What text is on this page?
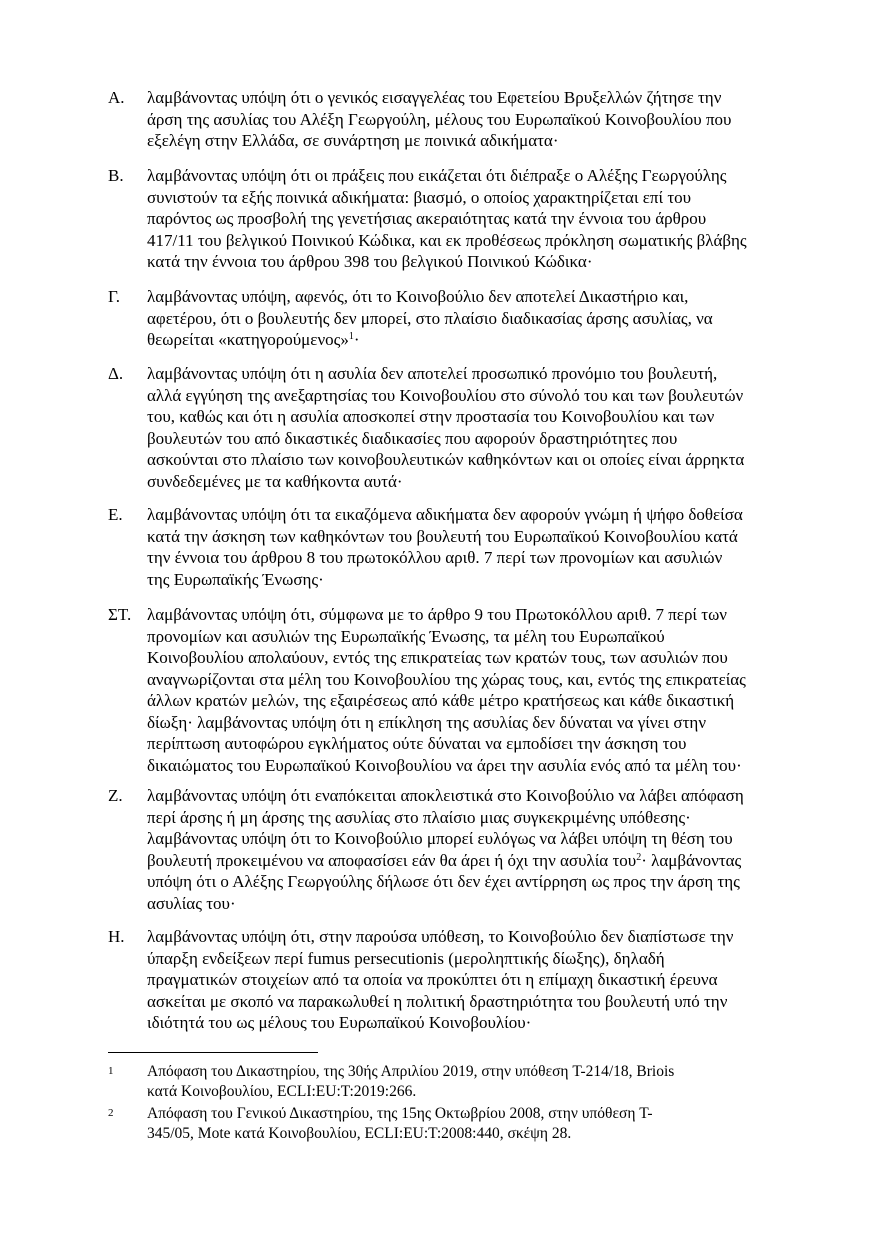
A. λαμβάνοντας υπόψη ότι ο γενικός εισαγγελέας του Εφετείου Βρυξελλών ζήτησε την
άρση της ασυλίας του Αλέξη Γεωργούλη, μέλους του Ευρωπαϊκού Κοινοβουλίου που
εξελέγη στην Ελλάδα, σε συνάρτηση με ποινικά αδικήματα·
B. λαμβάνοντας υπόψη ότι οι πράξεις που εικάζεται ότι διέπραξε ο Αλέξης Γεωργούλης
συνιστούν τα εξής ποινικά αδικήματα: βιασμό, ο οποίος χαρακτηρίζεται επί του
παρόντος ως προσβολή της γενετήσιας ακεραιότητας κατά την έννοια του άρθρου
417/11 του βελγικού Ποινικού Κώδικα, και εκ προθέσεως πρόκληση σωματικής βλάβης
κατά την έννοια του άρθρου 398 του βελγικού Ποινικού Κώδικα·
Γ. λαμβάνοντας υπόψη, αφενός, ότι το Κοινοβούλιο δεν αποτελεί Δικαστήριο και,
αφετέρου, ότι ο βουλευτής δεν μπορεί, στο πλαίσιο διαδικασίας άρσης ασυλίας, να
θεωρείται «κατηγορούμενος»$^1$·
Δ. λαμβάνοντας υπόψη ότι η ασυλία δεν αποτελεί προσωπικό προνόμιο του βουλευτή,
αλλά εγγύηση της ανεξαρτησίας του Κοινοβουλίου στο σύνολό του και των βουλευτών
του, καθώς και ότι η ασυλία αποσκοπεί στην προστασία του Κοινοβουλίου και των
βουλευτών του από δικαστικές διαδικασίες που αφορούν δραστηριότητες που
ασκούνται στο πλαίσιο των κοινοβουλευτικών καθηκόντων και οι οποίες είναι άρρηκτα
συνδεδεμένες με τα καθήκοντα αυτά·
E. λαμβάνοντας υπόψη ότι τα εικαζόμενα αδικήματα δεν αφορούν γνώμη ή ψήφο δοθείσα
κατά την άσκηση των καθηκόντων του βουλευτή του Ευρωπαϊκού Κοινοβουλίου κατά
την έννοια του άρθρου 8 του πρωτοκόλλου αριθ. 7 περί των προνομίων και ασυλιών
της Ευρωπαϊκής Ένωσης·
ΣΤ. λαμβάνοντας υπόψη ότι, σύμφωνα με το άρθρο 9 του Πρωτοκόλλου αριθ. 7 περί των
προνομίων και ασυλιών της Ευρωπαϊκής Ένωσης, τα μέλη του Ευρωπαϊκού
Κοινοβουλίου απολαύουν, εντός της επικρατείας των κρατών τους, των ασυλιών που
αναγνωρίζονται στα μέλη του Κοινοβουλίου της χώρας τους, και, εντός της επικρατείας
άλλων κρατών μελών, της εξαιρέσεως από κάθε μέτρο κρατήσεως και κάθε δικαστική
δίωξη· λαμβάνοντας υπόψη ότι η επίκληση της ασυλίας δεν δύναται να γίνει στην
περίπτωση αυτοφώρου εγκλήματος ούτε δύναται να εμποδίσει την άσκηση του
δικαιώματος του Ευρωπαϊκού Κοινοβουλίου να άρει την ασυλία ενός από τα μέλη του·
Z. λαμβάνοντας υπόψη ότι εναπόκειται αποκλειστικά στο Κοινοβούλιο να λάβει απόφαση
περί άρσης ή μη άρσης της ασυλίας στο πλαίσιο μιας συγκεκριμένης υπόθεσης·
λαμβάνοντας υπόψη ότι το Κοινοβούλιο μπορεί ευλόγως να λάβει υπόψη τη θέση του
βουλευτή προκειμένου να αποφασίσει εάν θα άρει ή όχι την ασυλία του$^2$· λαμβάνοντας
υπόψη ότι ο Αλέξης Γεωργούλης δήλωσε ότι δεν έχει αντίρρηση ως προς την άρση της
ασυλίας του·
H. λαμβάνοντας υπόψη ότι, στην παρούσα υπόθεση, το Κοινοβούλιο δεν διαπίστωσε την
ύπαρξη ενδείξεων περί fumus persecutionis (μεροληπτικής δίωξης), δηλαδή
πραγματικών στοιχείων από τα οποία να προκύπτει ότι η επίμαχη δικαστική έρευνα
ασκείται με σκοπό να παρακωλυθεί η πολιτική δραστηριότητα του βουλευτή υπό την
ιδιότητά του ως μέλους του Ευρωπαϊκού Κοινοβουλίου·
1 Απόφαση του Δικαστηρίου, της 30ής Απριλίου 2019, στην υπόθεση T-214/18, Briois
κατά Κοινοβουλίου, ECLI:EU:T:2019:266.
2 Απόφαση του Γενικού Δικαστηρίου, της 15ης Οκτωβρίου 2008, στην υπόθεση T-
345/05, Mote κατά Κοινοβουλίου, ECLI:EU:T:2008:440, σκέψη 28.
